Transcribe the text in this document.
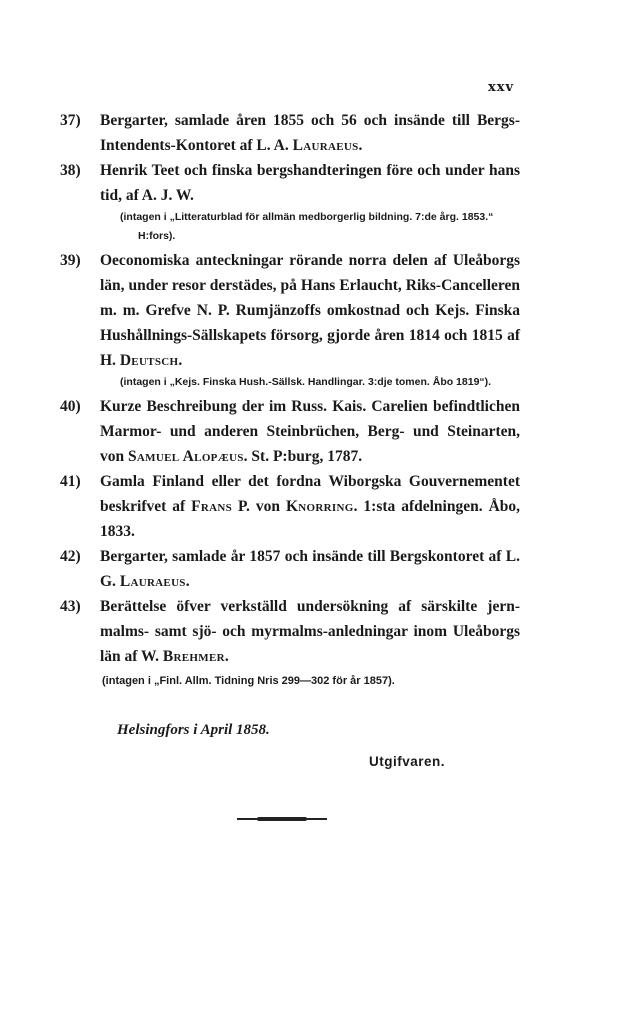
xxv

37)	Bergarter, samlade åren 1855 och 56 och insände till Bergs-Intendents-Kontoret af L. A. Lauraeus.

38)	Henrik Teet och finska bergshandteringen före och under hans tid, af A. J. W.

(intagen i „Litteraturblad för allmän medborgerlig bildning. 7:de årg. 1853.“ H:fors).

39)	Oeconomiska anteckningar rörande norra delen af Uleåborgs län, under resor derstädes, på Hans Erlaucht, Riks-Cancelleren m. m. Grefve N. P. Rumjänzoffs omkostnad och Kejs. Finska Hushållnings-Sällskapets försorg, gjorde åren 1814 och 1815 af H. Deutsch.

(intagen i „Kejs. Finska Hush.-Sällsk. Handlingar. 3:dje tomen. Åbo 1819“).

40)	Kurze Beschreibung der im Russ. Kais. Carelien befindtlichen Marmor- und anderen Steinbrüchen, Berg- und Steinarten, von Samuel Alopæus. St. P:burg, 1787.

41)	Gamla Finland eller det fordna Wiborgska Gouvernementet beskrifvet af Frans P. von Knorring. 1:sta afdelningen. Åbo, 1833.

42)	Bergarter, samlade år 1857 och insände till Bergskontoret af L. G. Lauraeus.

43)	Berättelse öfver verkställd undersökning af särskilte jern-malms- samt sjö- och myrmalms-anledningar inom Uleåborgs län af W. Brehmer.

(intagen i „Finl. Allm. Tidning Nris 299—302 för år 1857).

Helsingfors i April 1858.
Utgifvaren.
